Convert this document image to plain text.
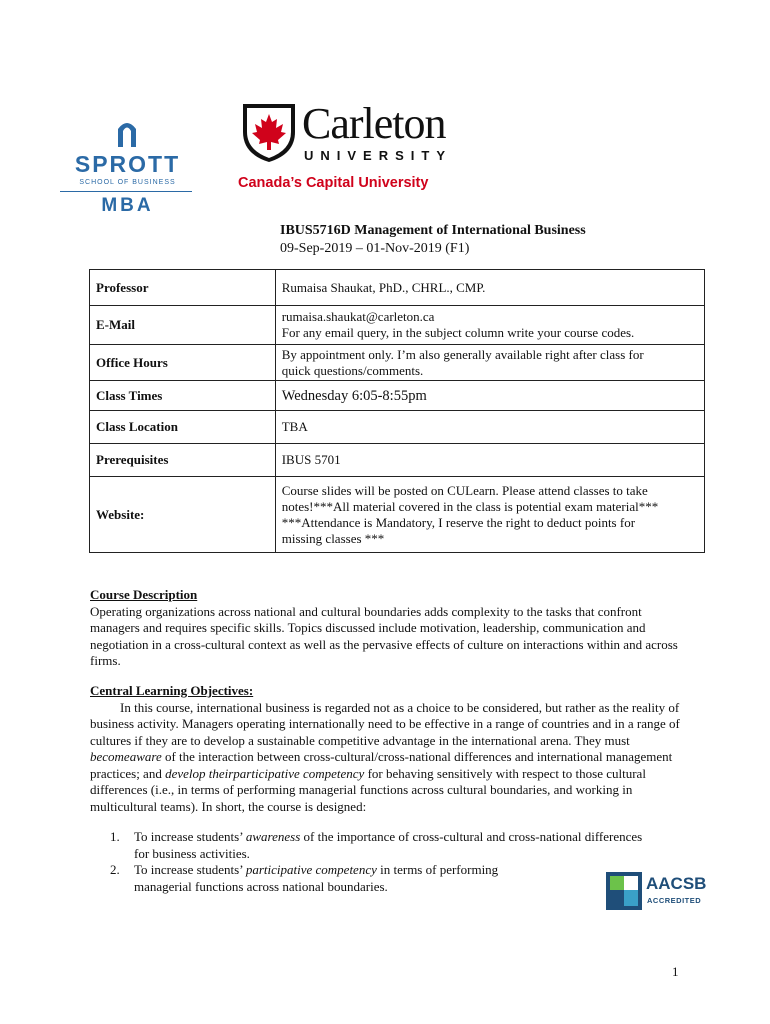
SPROTT
SCHOOL OF BUSINESS
MBA
Carleton
UNIVERSITY
Canada’s Capital University
IBUS5716D Management of International Business
09-Sep-2019 – 01-Nov-2019 (F1)
Professor	Rumaisa Shaukat, PhD., CHRL., CMP.

E-Mail	rumaisa.shaukat@carleton.ca
For any email query, in the subject column write your course codes.

Office Hours	By appointment only. I’m also generally available right after class for
quick questions/comments.

Class Times	Wednesday 6:05-8:55pm

Class Location	TBA

Prerequisites	IBUS 5701

Website:	Course slides will be posted on CULearn. Please attend classes to take
notes!***All material covered in the class is potential exam material***
***Attendance is Mandatory, I reserve the right to deduct points for
missing classes ***
Course Description
Operating organizations across national and cultural boundaries adds complexity to the tasks that confront managers and requires specific skills. Topics discussed include motivation, leadership, communication and negotiation in a cross-cultural context as well as the pervasive effects of culture on interactions within and across firms.
Central Learning Objectives:
In this course, international business is regarded not as a choice to be considered, but rather as the reality of business activity. Managers operating internationally need to be effective in a range of countries and in a range of cultures if they are to develop a sustainable competitive advantage in the international arena. They must becomeaware of the interaction between cross-cultural/cross-national differences and international management practices; and develop theirparticipative competency for behaving sensitively with respect to those cultural differences (i.e., in terms of performing managerial functions across cultural boundaries, and working in multicultural teams). In short, the course is designed:
1. To increase students’ awareness of the importance of cross-cultural and cross-national differences for business activities.
2. To increase students’ participative competency in terms of performing managerial functions across national boundaries.	AACSB
ACCREDITED
1
